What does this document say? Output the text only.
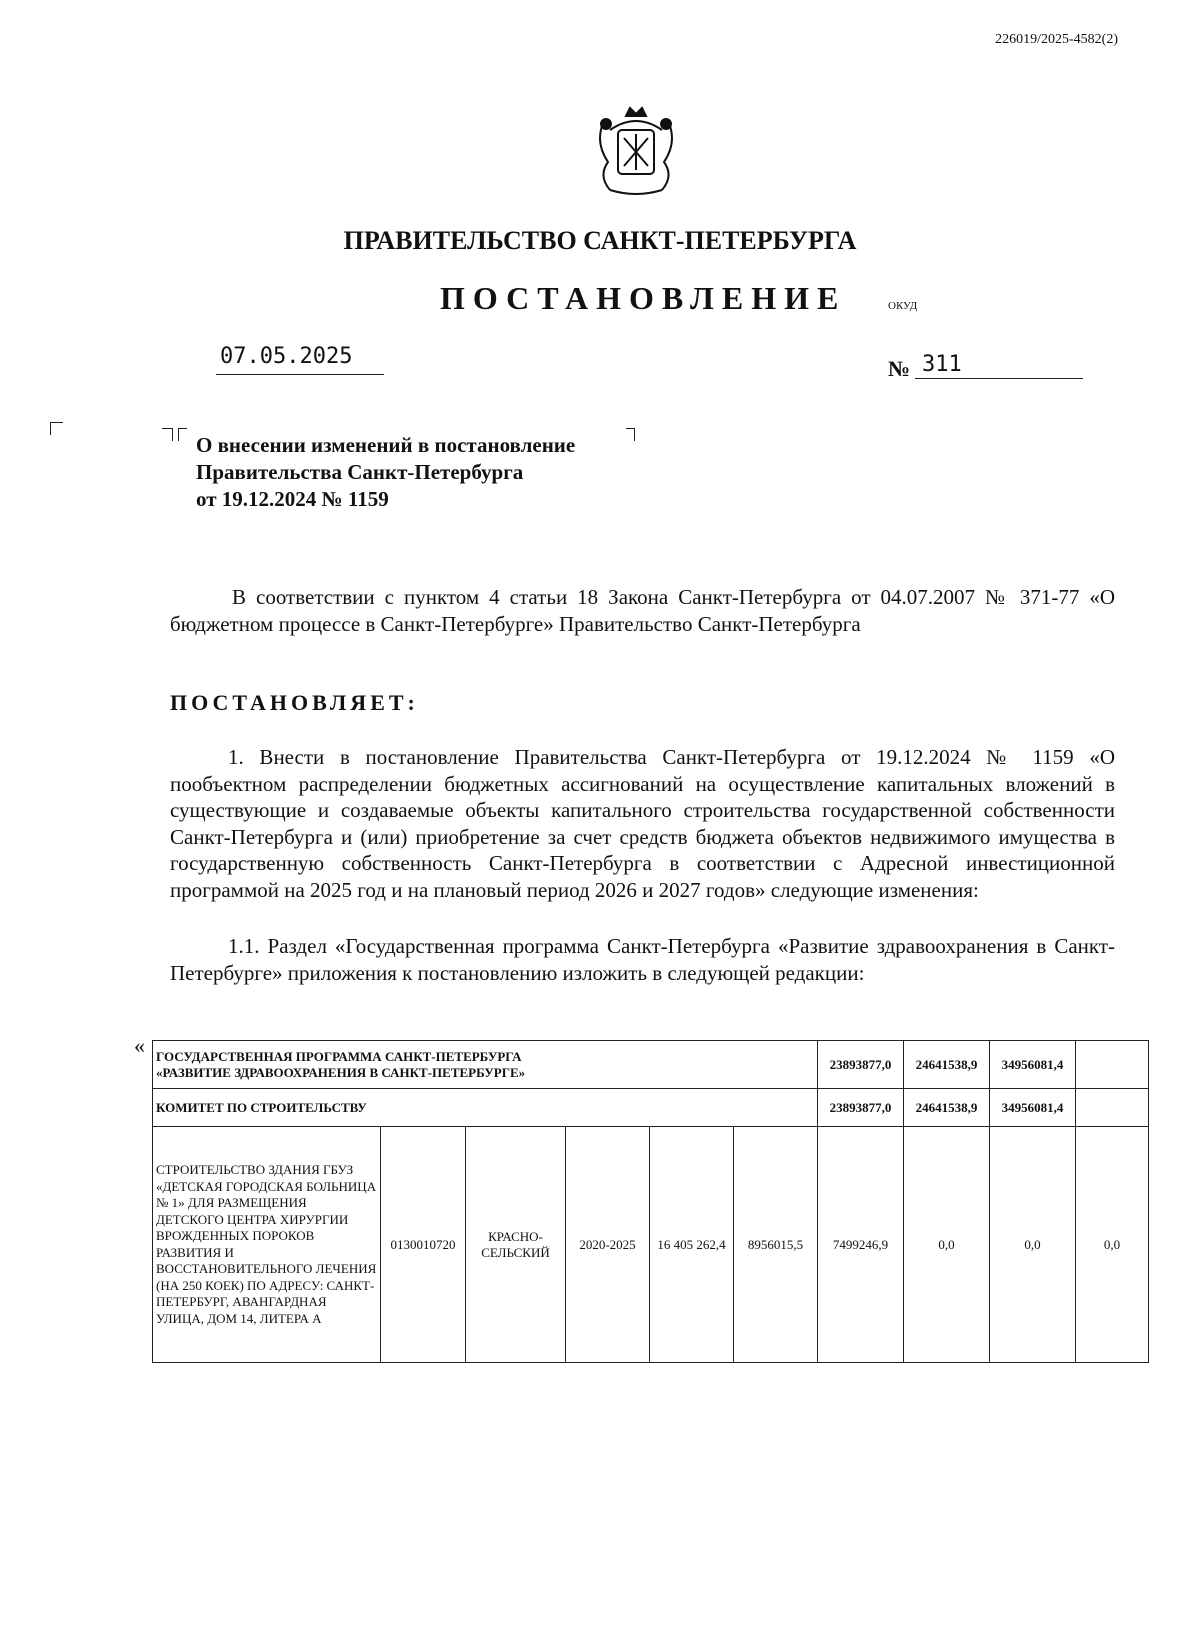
226019/2025-4582(2)
ПРАВИТЕЛЬСТВО САНКТ-ПЕТЕРБУРГА
ПОСТАНОВЛЕНИЕ	ОКУД
07.05.2025	№ 311
О внесении изменений в постановление
Правительства Санкт-Петербурга
от 19.12.2024 № 1159
В соответствии с пунктом 4 статьи 18 Закона Санкт-Петербурга от 04.07.2007 № 371-77 «О бюджетном процессе в Санкт-Петербурге» Правительство Санкт-Петербурга
ПОСТАНОВЛЯЕТ:
1. Внести в постановление Правительства Санкт-Петербурга от 19.12.2024 № 1159 «О пообъектном распределении бюджетных ассигнований на осуществление капитальных вложений в существующие и создаваемые объекты капитального строительства государственной собственности Санкт-Петербурга и (или) приобретение за счет средств бюджета объектов недвижимого имущества в государственную собственность Санкт-Петербурга в соответствии с Адресной инвестиционной программой на 2025 год и на плановый период 2026 и 2027 годов» следующие изменения:
1.1. Раздел «Государственная программа Санкт-Петербурга «Развитие здравоохранения в Санкт-Петербурге» приложения к постановлению изложить в следующей редакции:
« ГОСУДАРСТВЕННАЯ ПРОГРАММА САНКТ-ПЕТЕРБУРГА
«РАЗВИТИЕ ЗДРАВООХРАНЕНИЯ В САНКТ-ПЕТЕРБУРГЕ»						23893877,0	24641538,9	34956081,4	
КОМИТЕТ ПО СТРОИТЕЛЬСТВУ						23893877,0	24641538,9	34956081,4	
СТРОИТЕЛЬСТВО ЗДАНИЯ ГБУЗ «ДЕТСКАЯ ГОРОДСКАЯ БОЛЬНИЦА № 1» ДЛЯ РАЗМЕЩЕНИЯ ДЕТСКОГО ЦЕНТРА ХИРУРГИИ ВРОЖДЕННЫХ ПОРОКОВ РАЗВИТИЯ И ВОССТАНОВИТЕЛЬНОГО ЛЕЧЕНИЯ (НА 250 КОЕК) ПО АДРЕСУ: САНКТ-ПЕТЕРБУРГ, АВАНГАРДНАЯ УЛИЦА, ДОМ 14, ЛИТЕРА А	0130010720	КРАСНО-СЕЛЬСКИЙ	2020-2025	16 405 262,4	8956015,5	7499246,9	0,0	0,0	0,0
